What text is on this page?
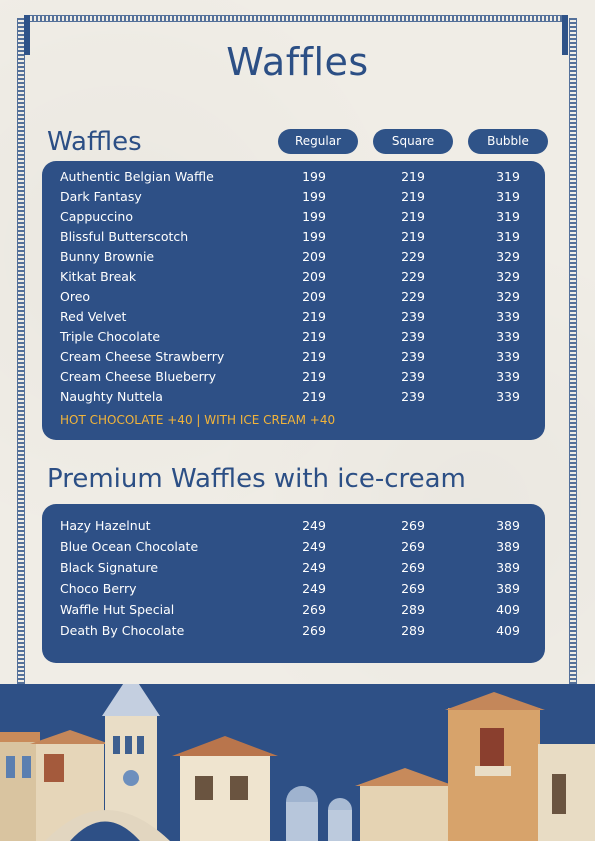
Waffles
Waffles	Regular	Square	Bubble
HOT CHOCOLATE +40 | WITH ICE CREAM +40
Authentic Belgian Waffle	199	219	319
Dark Fantasy	199	219	319
Cappuccino	199	219	319
Blissful Butterscotch	199	219	319
Bunny Brownie	209	229	329
Kitkat Break	209	229	329
Oreo	209	229	329
Red Velvet	219	239	339
Triple Chocolate	219	239	339
Cream Cheese Strawberry	219	239	339
Cream Cheese Blueberry	219	239	339
Naughty Nuttela	219	239	339
Premium Waffles with ice-cream
Hazy Hazelnut	249	269	389
Blue Ocean Chocolate	249	269	389
Black Signature	249	269	389
Choco Berry	249	269	389
Waffle Hut Special	269	289	409
Death By Chocolate	269	289	409
